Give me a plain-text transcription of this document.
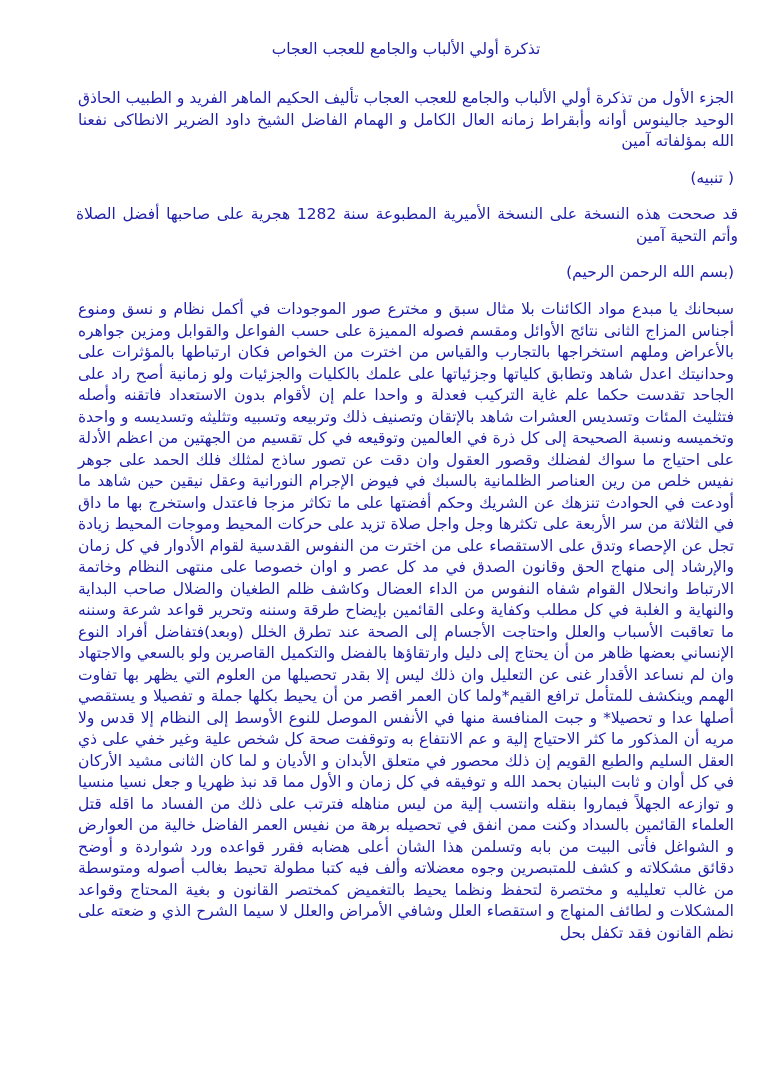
تذكرة أولي الألباب والجامع للعجب العجاب

الجزء الأول من تذكرة أولي الألباب والجامع للعجب العجاب تأليف الحكيم الماهر الفريد و الطبيب الحاذق الوحيد جالينوس أوانه وأبقراط زمانه العال الكامل و الهمام الفاضل الشيخ داود الضرير الانطاكى نفعنا الله بمؤلفاته آمين

( تنبيه)

قد صححت هذه النسخة على النسخة الأميرية المطبوعة سنة 1282 هجرية على صاحبها أفضل الصلاة وأتم التحية آمين

(بسم الله الرحمن الرحيم)

سبحانك يا مبدع مواد الكائنات بلا مثال سبق و مخترع صور الموجودات في أكمل نظام و نسق ومنوع أجناس المزاج الثانى نتائج الأوائل ومقسم فصوله المميزة على حسب الفواعل والقوابل ومزين جواهره بالأعراض وملهم استخراجها بالتجارب والقياس من اخترت من الخواص فكان ارتباطها بالمؤثرات على وحدانيتك اعدل شاهد وتطابق كلياتها وجزئياتها على علمك بالكليات والجزئيات ولو زمانية أصح راد على الجاحد تقدست حكما علم غاية التركيب فعدلة و واحدا علم إن لأقوام بدون الاستعداد فاتقنه وأصله فتثليث المئات وتسديس العشرات شاهد بالإتقان وتصنيف ذلك وتربيعه وتسبيه وتثليثه وتسديسه و واحدة وتخميسه ونسبة الصحيحة إلى كل ذرة في العالمين وتوقيعه في كل تقسيم من الجهتين من اعظم الأدلة على احتياج ما سواك لفضلك وقصور العقول وان دقت عن تصور ساذج لمثلك فلك الحمد على جوهر نفيس خلص من رين العناصر الظلمانية بالسبك في فيوض الإجرام النورانية وعقل نيقين حين شاهد ما أودعت في الحوادث تنزهك عن الشريك وحكم أفضتها على ما تكاثر مزجا فاعتدل واستخرج بها ما داق في الثلاثة من سر الأربعة على تكثرها وجل واجل صلاة تزيد على حركات المحيط وموجات المحيط زيادة تجل عن الإحصاء وتدق على الاستقصاء على من اخترت من النفوس القدسية لقوام الأدوار في كل زمان والإرشاد إلى منهاج الحق وقانون الصدق في مد كل عصر و اوان خصوصا على منتهى النظام وخاتمة الارتباط وانحلال القوام شفاه النفوس من الداء العضال وكاشف ظلم الطغيان والضلال صاحب البداية والنهاية و الغلبة في كل مطلب وكفاية وعلى القائمين بإيضاح طرقة وسننه وتحرير قواعد شرعة وسننه ما تعاقبت الأسباب والعلل واحتاجت الأجسام إلى الصحة عند تطرق الخلل (وبعد)فتفاضل أفراد النوع الإنساني بعضها ظاهر من أن يحتاج إلى دليل وارتقاؤها بالفضل والتكميل القاصرين ولو بالسعي والاجتهاد وان لم نساعد الأقدار غنى عن التعليل وان ذلك ليس إلا بقدر تحصيلها من العلوم التي يظهر بها تفاوت الهمم وينكشف للمتأمل ترافع القيم*ولما كان العمر اقصر من أن يحيط بكلها جملة و تفصيلا و يستقصي أصلها عدا و تحصيلا* و جبت المنافسة منها في الأنفس الموصل للنوع الأوسط إلى النظام إلا قدس ولا مريه أن المذكور ما كثر الاحتياج إلية و عم الانتفاع به وتوقفت صحة كل شخص علية وغير خفي على ذي العقل السليم والطبع القويم إن ذلك محصور في متعلق الأبدان و الأديان و لما كان الثانى مشيد الأركان في كل أوان و ثابت البنيان بحمد الله و توفيقه في كل زمان و الأول مما قد نبذ ظهريا و جعل نسيا منسيا و توازعه الجهلاً فيماروا بنقله وانتسب إلية من ليس مناهله فترتب على ذلك من الفساد ما اقله قتل العلماء القائمين بالسداد وكنت ممن انفق في تحصيله برهة من نفيس العمر الفاضل خالية من العوارض و الشواغل فأتى البيت من بابه وتسلمن هذا الشان أعلى هضابه فقرر قواعده ورد شواردة و أوضح دقائق مشكلاته و كشف للمتبصرين وجوه معضلاته وألف فيه كتبا مطولة تحيط بغالب أصوله ومتوسطة من غالب تعليليه و مختصرة لتحفظ ونظما يحيط بالتغميض كمختصر القانون و بغية المحتاج وقواعد المشكلات و لطائف المنهاج و استقصاء العلل وشافي الأمراض والعلل لا سيما الشرح الذي و ضعته على نظم القانون فقد تكفل بحل
